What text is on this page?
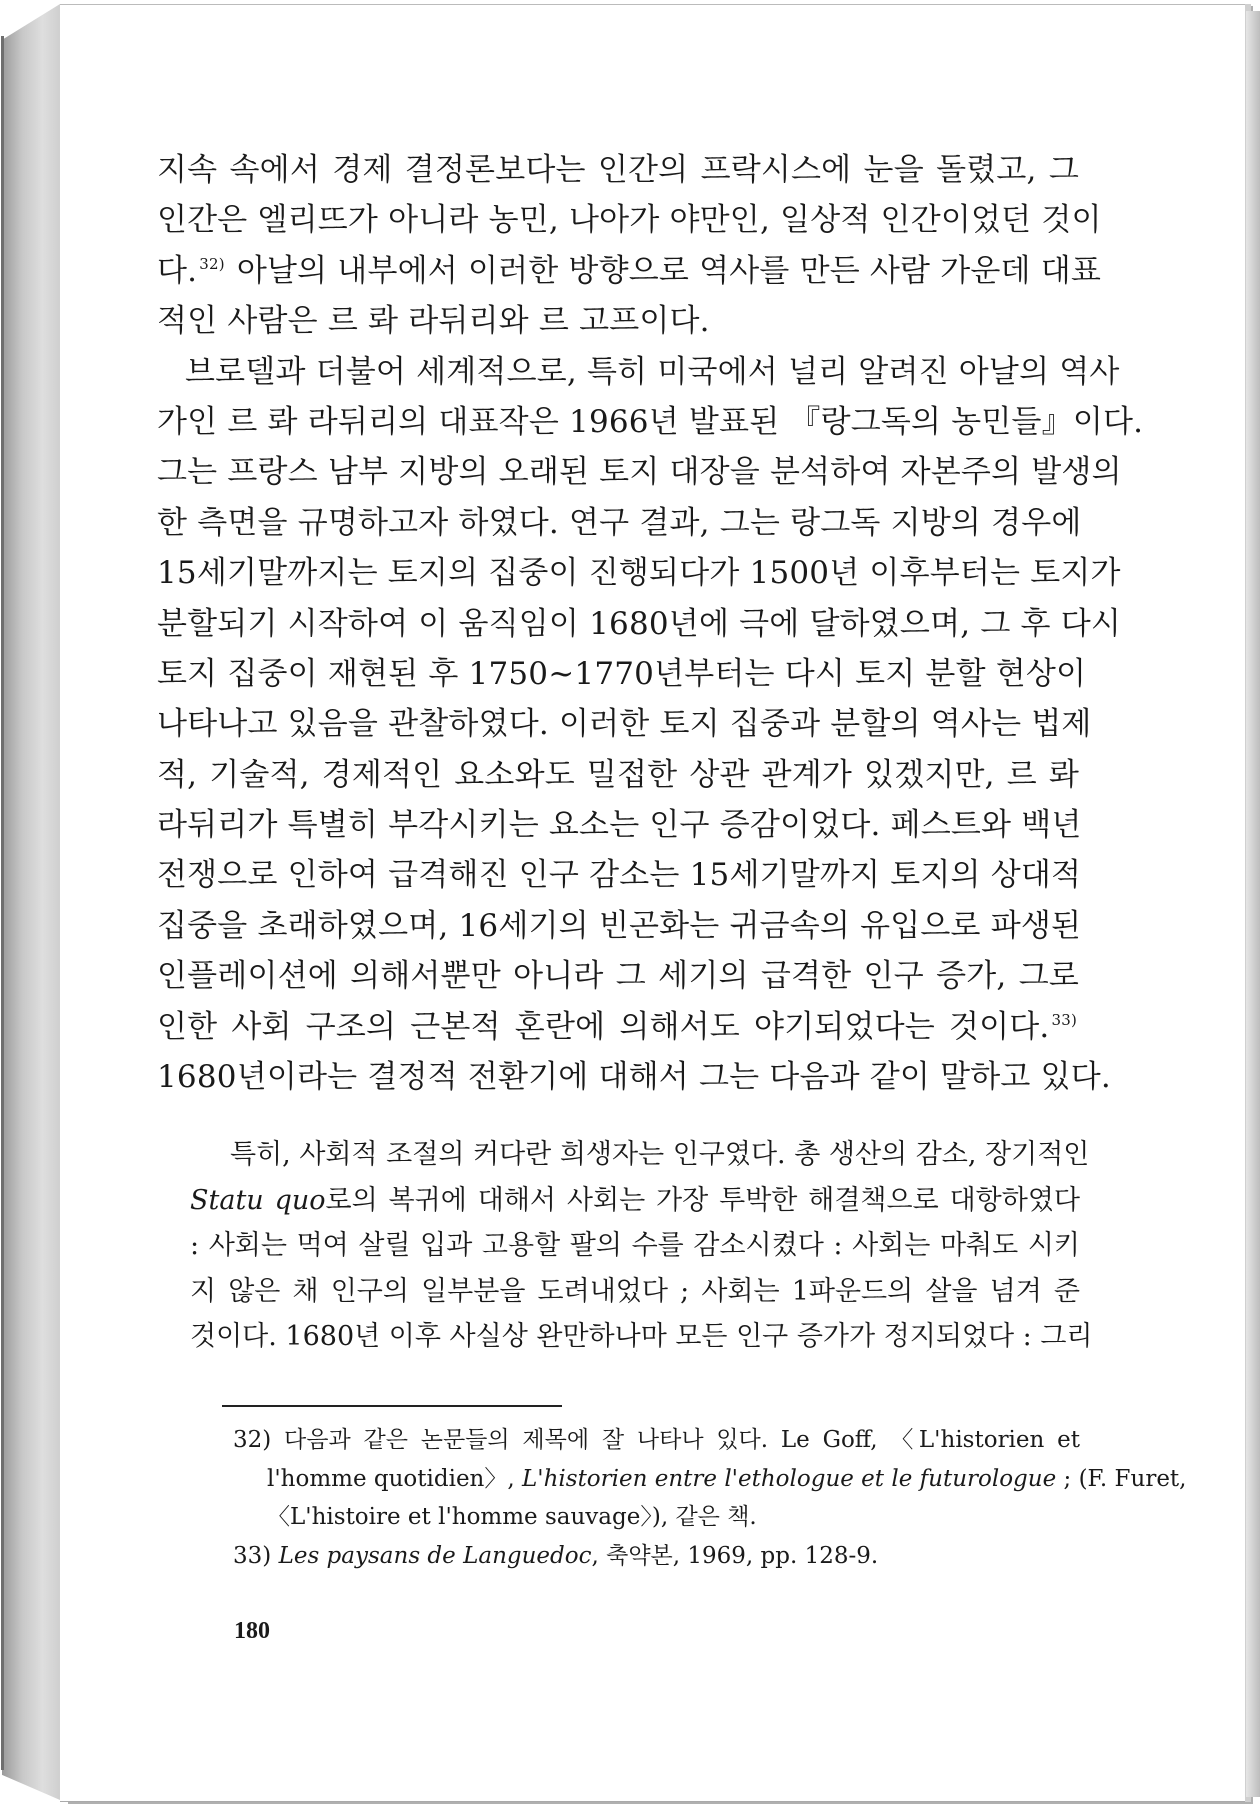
지속 속에서 경제 결정론보다는 인간의 프락시스에 눈을 돌렸고, 그
인간은 엘리뜨가 아니라 농민, 나아가 야만인, 일상적 인간이었던 것이
다. $^{32)}$ 아날의 내부에서 이러한 방향으로 역사를 만든 사람 가운데 대표
적인 사람은 르 롸 라뒤리와 르 고프이다.
브로델과 더불어 세계적으로, 특히 미국에서 널리 알려진 아날의 역사
가인 르 롸 라뒤리의 대표작은 1966년 발표된 『랑그독의 농민들』이다.
그는 프랑스 남부 지방의 오래된 토지 대장을 분석하여 자본주의 발생의
한 측면을 규명하고자 하였다. 연구 결과, 그는 랑그독 지방의 경우에
15세기말까지는 토지의 집중이 진행되다가 1500년 이후부터는 토지가
분할되기 시작하여 이 움직임이 1680년에 극에 달하였으며, 그 후 다시
토지 집중이 재현된 후 1750~1770년부터는 다시 토지 분할 현상이
나타나고 있음을 관찰하였다. 이러한 토지 집중과 분할의 역사는 법제
적, 기술적, 경제적인 요소와도 밀접한 상관 관계가 있겠지만, 르 롸
라뒤리가 특별히 부각시키는 요소는 인구 증감이었다. 페스트와 백년
전쟁으로 인하여 급격해진 인구 감소는 15세기말까지 토지의 상대적
집중을 초래하였으며, 16세기의 빈곤화는 귀금속의 유입으로 파생된
인플레이션에 의해서뿐만 아니라 그 세기의 급격한 인구 증가, 그로
인한 사회 구조의 근본적 혼란에 의해서도 야기되었다는 것이다. $^{33)}$
1680년이라는 결정적 전환기에 대해서 그는 다음과 같이 말하고 있다.
특히, 사회적 조절의 커다란 희생자는 인구였다. 총 생산의 감소, 장기적인
Statu quo로의 복귀에 대해서 사회는 가장 투박한 해결책으로 대항하였다
: 사회는 먹여 살릴 입과 고용할 팔의 수를 감소시켰다 : 사회는 마춰도 시키
지 않은 채 인구의 일부분을 도려내었다 ; 사회는 1파운드의 살을 넘겨 준
것이다. 1680년 이후 사실상 완만하나마 모든 인구 증가가 정지되었다 : 그리
32) 다음과 같은 논문들의 제목에 잘 나타나 있다. Le Goff, 〈L'historien et
l'homme quotidien〉, L'historien entre l'ethologue et le futurologue ; (F. Furet,
〈L'histoire et l'homme sauvage〉), 같은 책.
33) Les paysans de Languedoc, 축약본, 1969, pp. 128-9.
180
